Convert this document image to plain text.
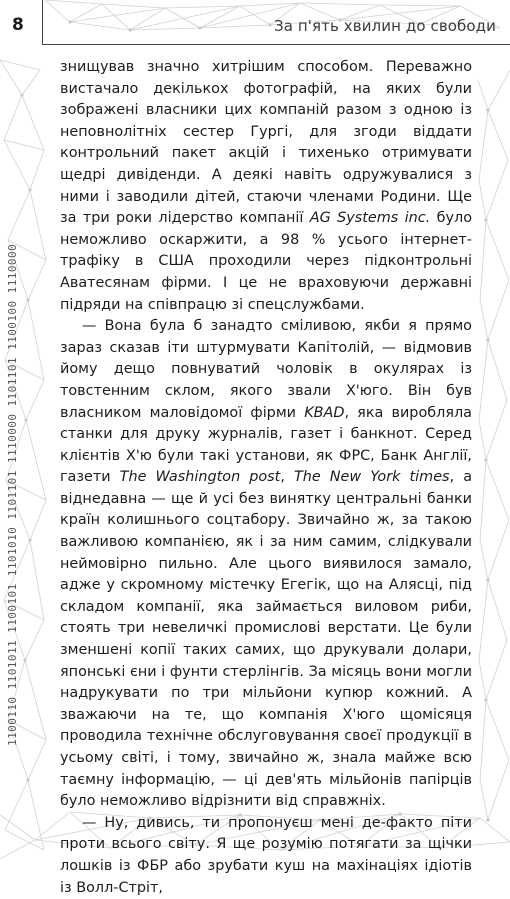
8	За п'ять хвилин до свободи
1100110 1101011 1100101 1101010 1101101 1110000 1101101 1100100 1110000

знищував значно хитрішим способом. Переважно вистачало декількох фотографій, на яких були зображені власники цих компаній разом з одною із неповнолітніх сестер Гургі, для згоди віддати контрольний пакет акцій і тихенько отримувати щедрі дивіденди. А деякі навіть одружувалися з ними і заводили дітей, стаючи членами Родини. Ще за три роки лідерство компанії AG Systems inc. було неможливо оскаржити, а 98 % усього інтернет-трафіку в США проходили через підконтрольні Аватесянам фірми. І це не враховуючи державні підряди на співпрацю зі спецслужбами.

— Вона була б занадто сміливою, якби я прямо зараз сказав іти штурмувати Капітолій, — відмовив йому дещо повнуватий чоловік в окулярах із товстенним склом, якого звали Х'юго. Він був власником маловідомої фірми KBAD, яка виробляла станки для друку журналів, газет і банкнот. Серед клієнтів Х'ю були такі установи, як ФРС, Банк Англії, газети The Washington post, The New York times, а віднедавна — ще й усі без винятку центральні банки країн колишнього соцтабору. Звичайно ж, за такою важливою компанією, як і за ним самим, слідкували неймовірно пильно. Але цього виявилося замало, адже у скромному містечку Егегік, що на Алясці, під складом компанії, яка займається виловом риби, стоять три невеличкі промислові верстати. Це були зменшені копії таких самих, що друкували долари, японські єни і фунти стерлінгів. За місяць вони могли надрукувати по три мільйони купюр кожний. А зважаючи на те, що компанія Х'юго щомісяця проводила технічне обслуговування своєї продукції в усьому світі, і тому, звичайно ж, знала майже всю таємну інформацію, — ці дев'ять мільйонів папірців було неможливо відрізнити від справжніх.

— Ну, дивись, ти пропонуєш мені де-факто піти проти всього світу. Я ще розумію потягати за щічки лошків із ФБР або зрубати куш на махінаціях ідіотів із Волл-Стріт,
